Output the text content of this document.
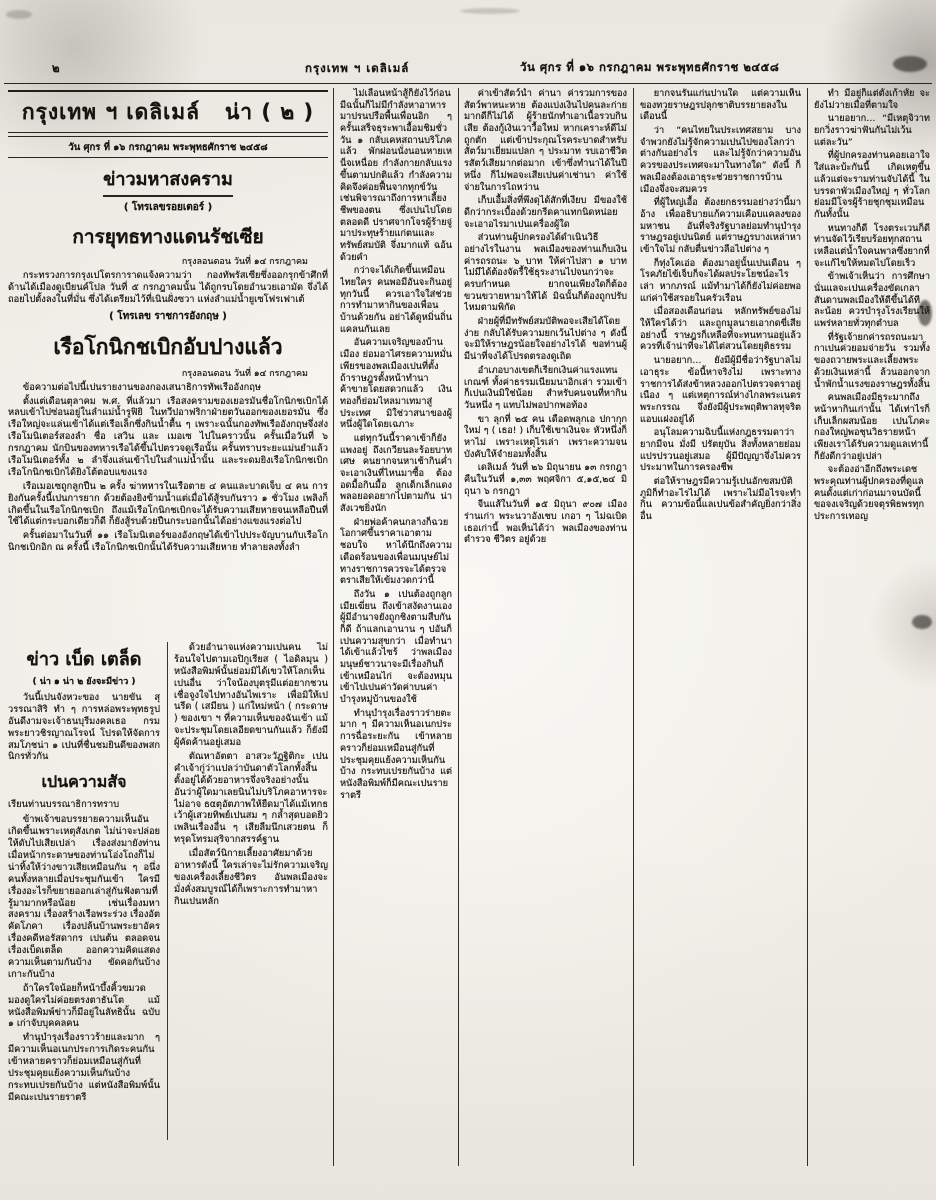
๒	กรุงเทพ ฯ เดลิเมล์	วัน ศุกร ที่ ๑๖ กรกฎาคม พระพุทธศักราช ๒๔๕๘
กรุงเทพ ฯ เดลิเมล์ น่า ( ๒ )
วัน ศุกร ที่ ๑๖ กรกฎาคม พระพุทธศักราช ๒๔๕๘
ข่าวมหาสงคราม
( โทรเลขรอยเตอร์ )
การยุทธทางแดนรัชเซีย
กรุงลอนดอน วันที่ ๑๔ กรกฎาคม

กระทรวงการกรุงเปโตรการาดแจ้งความว่า กองทัพรัสเซียซึ่งออกรุกข้าศึกที่ด้านได้เมืองดูเบียนค์โปล วันที่ ๕ กรกฎาคมนั้น ได้ถูกรบโดยอำนวยเอามัด จึ่งได้ถอยไปตั้งลงในที่มั่น ซึ่งได้เตรียมไว้ที่เนินฝั่งซวา แห่งลำแม่น้ำยูเซโฟรเฟาเต้

( โทรเลข ราชการอังกฤษ )
เรือโกนิกชเบิกอับปางแล้ว
กรุงลอนดอน วันที่ ๑๔ กรกฎาคม

ข้อความต่อไปนี้เปนรายงานของกองเสนาธิการทัพเรืออังกฤษ

ตั้งแต่เดือนตุลาคม พ.ศ. ที่แล้วมา เรือสงครามของเยอรมันชื่อโกนิกชเบิกได้หลบเข้าไปซ่อนอยู่ในลำแม่น้ำรูฟิยิ ในทวีปอาฟริกาฝ่ายตวันออกของเยอรมัน ซึ่งเรือใหญ่จะแล่นเข้าได้แต่เรือเล็กซึ่งกินน้ำตื้น ๆ เพราะฉนั้นกองทัพเรืออังกฤษจึ่งส่งเรือโมนิเตอร์สองลำ ชื่อ เสวิน และ เมอเซ ไปในคราวนั้น ครั้นเมื่อวันที่ ๖ กรกฎาคม นักบินของทหารเรือได้ขึ้นไปตรวจดูเรือนั้น ครั้นทราบระยะแม่นยำแล้ว เรือโมนิเตอร์ทั้ง ๒ ลำจึ่งแล่นเข้าไปในลำแม่น้ำนั้น และระดมยิงเรือโกนิกชเบิก เรือโกนิกชเบิกได้ยิงโต้ตอบแขงแรง

เรือเมอเซถูกลูกปืน ๒ ครั้ง ฆ่าทหารในเรือตาย ๔ คนและบาดเจ็บ ๔ คน การยิงกันครั้งนี้เปนการยาก ด้วยต้องยิงข้ามน้ำแต่เมื่อได้สู้รบกันราว ๑ ชั่วโมง เพลิงก็เกิดขึ้นในเรือโกนิกชเบิก ถึงแม้เรือโกนิกชเบิกจะได้รับความเสียหายจนเหลือปืนที่ใช้ได้แต่กระบอกเดียวก็ดี ก็ยังสู้รบด้วยปืนกระบอกนั้นได้อย่างแขงแรงต่อไป

ครั้นต่อมาในวันที่ ๑๑ เรือโมนิเตอร์ของอังกฤษได้เข้าไปประจัญบานกับเรือโกนิกชเบิกอิก ณ ครั้งนี้ เรือโกนิกชเบิกนั้นได้รับความเสียหาย ทำลายลงทั้งลำ

ข่าว เบ็ด เตล็ด
( น่า ๑ น่า ๒ ยังจะมีข่าว )

วันนี้เปนจังหวะของ นายขัน สุวรรณาสิริ ทำ ๆ การหล่อพระพุทธรูปอันดีงามจะเจ้าธนบุรีมงคลเธอ กรมพระยาวชิรญาณโรจน์ โปรดให้จัดการสมโภชน่า ๑ เปนที่ชื่นชมยินดีของพสกนิกรทั่วกัน

เปนความสัจ
เรียนท่านบรรณาธิการทราบ

ข้าพเจ้าขอบรรยายความเห็นอันเกิดขึ้นเพราะเหตุสังเกต ไม่น่าจะปล่อยให้ดับไปเสียเปล่า เรื่องส่งมายังท่าน เมื่อหน้ากระดาษของท่านโอ่งโถงก็ไม่น่าทิ้งให้ว่างขาวเสียเหมือนกัน ๆ อนึ่งคนทั้งหลายเมื่อประชุมกันเข้า ใครมีเรื่องอะไรก็ขยายออกเล่าสู่กันฟังตามที่รู้มามากหรือน้อย เช่นเรื่องมหาสงคราม เรื่องสร้างเรือพระร่วง เรื่องอัตคัดโภคา เรื่องปล้นบ้านพระยาอัคร เรื่องคดีหอรัสดากร เปนต้น ตลอดจนเรื่องเบ็ดเตล็ด ออกความคิดแสดงความเห็นตามกันบ้าง ขัดคอกันบ้าง เกาะกันบ้าง

ถ้าใครใจน้อยก็หน้าบึ้งคิ้วขมวด มองดูใครไม่ค่อยตรงตาธันโต แม้หนังสือพิมพ์ข่าวก็มีอยู่ในลัทธินั้น ฉบับ ๑ เก่าจับบุคคลคน

ทำนุบำรุงเรื่องราวร้ายและมาก ๆ มีความเห็นอเนกประการเกิดระคนกัน เข้าหลายคราวก็ย่อมเหมือนสู่กันที่ประชุมคุยแย้งความเห็นกันบ้าง กระทบเปรยกันบ้าง แต่หนังสือพิมพ์นั้นมีคณะเปนรายราตรี

ด้วยอำนาจแห่งความเปนคน ไม่ร้อนใจไปตามเอปิกูเรียส ( ไอดิลมุน ) หนังสือพิมพ์นั้นย่อมมิได้เขวให้โลกเห็นเปนอื่น ว่าใจน้องบุตรุมีแต่อยากชวนเชื่อจูงใจไปทางอันไพเราะ เพื่อมิให้เปนรีด ( เสมียน ) แก่ใหม่หน้า ( กระดาษ ) ของเขา ฯ ที่ความเห็นของฉันเข้า แม้จะประชุมโดยเลอียดขานกันแล้ว ก็ยังมีผู้คัดค้านอยู่เสมอ

ตัณหาอัตตา อาสวะวัฏฐิติกะ เปนคำเจ้ากู่ว่าแปลว่าบันดาตัวโลกทั้งสิ้น ตั้งอยู่ได้ด้วยอาหารจึ่งจริงอย่างนั้น อันว่าผู้ใดมาเลยนินไม่บริโภคอาหารจะไม่อาจ ธαตุอัตภาพให้ยืดมาได้แม้เทกธเว้าผู้เสวยทิพย์เปนสม ๆ กล้ำสุดบอดยิวเพลินเรื่องอื่น ๆ เสียลืมนึกเสวยตน ก็ทรุดโทรมสุริจากสรรค์ฐาน

เมื่อสัตว์นิกายเลี้ยงอาศัยมาด้วยอาหารดังนี้ ใครเล่าจะไม่รักความเจริญของเครื่องเลี้ยงชีวิตร อันพลเมืองจะมั่งคั่งสมบูรณ์ได้ก็เพราะการทำมาหากินเปนหลัก

ไม่เลื่อนหน้าสู้ก็ยังไว้ก่อน มีฉนั้นก็ไม่มีกำลังหาอาหารมาปรนปรือพื้นเพื่อนอิก ๆ ครั้นเสร็จธุระพาเอื้อมชิมชั่ววัน ๑ กลับเคหสถานบริโภคแล้ว พักผ่อนนั่งนอนหายเหน็จเหนื่อย กำลังกายกลับแรงขึ้นตามปกติแล้ว กำลังความคิดจึงค่อยฟื้นจากทุกข์วัน เช่นพิจารณาถึงการหาเลี้ยงชีพของตน ซึ่งเปนไปโดยตลอดดี ปราศจากโจรผู้ร้ายจู่มาประทุษร้ายแก่ตนและทรัพย์สมบัติ จึ่งมากแท้ ฉอ้นด้วยคำ

กว่าจะได้เกิดขึ้นเหมือนไทยใคร คนพอมีอันจะกินอยู่ทุกวันนี้ ควรเอาใจใส่ช่วยการทำมาหากินของเพื่อนบ้านด้วยกัน อย่าได้ดูหมิ่นถิ่นแคลนกันเลย

อันความเจริญของบ้านเมือง ย่อมอาไศรยความหมั่นเพียรของพลเมืองเปนที่ตั้ง ถ้าราษฎรตั้งหน้าทำนาค้าขายโดยสดวกแล้ว เงินทองก็ย่อมไหลมาเทมาสู่ประเทศ มิใช่วาสนาของผู้หนึ่งผู้ใดโดยเฉภาะ

แต่ทุกวันนี้ราคาเข้าก็ยังแพงอยู่ ถึงเกวียนละร้อยบาทเศษ คนยากจนหาเช้ากินค่ำจะเอาเงินที่ไหนมาซื้อ ต้องอดมื้อกินมื้อ ลูกเด็กเล็กแดงพลอยอดอยากไปตามกัน น่าสังเวชยิ่งนัก

ฝ่ายพ่อค้าคนกลางก็ฉวยโอกาศขึ้นราคาเอาตามชอบใจ หาได้นึกถึงความเดือดร้อนของเพื่อนมนุษย์ไม่ ทางราชการควรจะได้ตรวจตราเสียให้เข้มงวดกว่านี้

ถึงวัน ๑ เปนต้องถูกลูกเมียเฆี่ยน ถึงเข้าสงัดงานเองผู้มีอำนาจยังถูกชิงตามสืบกันก็ดี ถ้าแลกเอานาน ๆ ปอันก็เปนความสุขกว่า เมื่อทำนาได้เข้าแล้วไซร้ ว่าพลเมืองมนุษย์ชาวนาจะมีเรื่องกินก็เข้าเหมือนไก่ จะต้องหมุนเข้าไปเปนค่าวัดค่าบนค่าบำรุงหมู่บ้านของใช้

ทำนุบำรุงเรื่องราวร่ายตะมาก ๆ มีความเห็นอเนกประการฉื่อระยะกัน เข้าหลายคราวก็ย่อมเหมือนสู่กันที่ประชุมคุยแย้งความเห็นกันบ้าง กระทบเปรยกันบ้าง แต่หนังสือพิมพ์ก็มีคณะเปนรายราตรี

ค่าเข้าสัตว์น้ำ ค่านา ค่ารวมการของสัตว์พาหนะหาย ต้องแบ่งเงินไปคนละก่าย มากดีก็ไม่ได้ ผู้ร้ายนักทำเอาเนื้อรวบกินเสีย ต้องกู้เงินเวาวื้อใหม่ หากเคราะห์ดีไม่ถูกตัก แต่เข้าประกุณโรคระบาดสำหรับสัตว์มาเยี่ยมแปลก ๆ ประมาท รบเอาชีวิตรสัตว์เสียมากต่อมาก เข้าซึ่งทำนาได้ในปีหนึ่ง ก็ไม่พอจะเสียเปนค่าเช่านา ค่าใช้จ่ายในการไถหว่าน

เก็บเอื้มสิ่งที่พึงดุได้สักที่เงียบ มีของใช้ดีกว่ากระเบื้องด้วยกรีดคาแทกนิดหน่อย จะเอาอไรมาเปนเครื่องผู้ใด

ส่วนท่านผู้ปกครองได้ดำเนินวิธีอย่างไรในงาน พลเมืองของท่านเก็บเงินค่ารถรถนะ ๖ บาท ให้ค่าไปสา ๑ บาท ไม่มีได้ต้องจัดรี้ใช้ธุระงานไปจนกว่าจะครบกำหนด ยากจนเพียงใดก็ต้องขวนขวายหามาให้ได้ มิฉนั้นก็ต้องถูกปรับไหมตามพิกัด

ฝ่ายผู้ที่มีทรัพย์สมบัติพอจะเสียได้โดยง่าย กลับได้รับความยกเว้นไปต่าง ๆ ดังนี้จะมิให้ราษฎรน้อยใจอย่างไรได้ ขอท่านผู้มีน่าที่จงได้โปรดตรองดูเถิด

อำเภอบางเขตก็เรียกเงินค่าแรงแทนเกณฑ์ ทั้งค่าธรรมเนียมนาอิกเล่า รวมเข้าก็เปนเงินมิใช่น้อย สำหรับคนจนที่หากินวันหนึ่ง ๆ แทบไม่พอปากพอท้อง

ขา ลุกที่ ๒๕ คน เดือดพลุกเอ ปกากุก ใหม่ ๆ ( เธอ! ) เก็บใช้เขาเงินจะ หัวหนึ่งก็หาไม่ เพราะเหตุไรเล่า เพราะความจนบังคับให้จำยอมทั้งสิ้น

เดลิเมล์ วันที่ ๒๖ มิถุนายน ๑๓ กรกฎา คืนในวันที่ ๑,๓๓ พฤศจิกา ๕,๑๕,๒๔ มิถุนา ๖ กรกฎา

จีนแส้ในวันที่ ๑๕ มิถุนา ๙๐๗ เมืองร่านเก่า พระนวาอังเชบ เกอา ๆ ไม่ฉเบิดเธอเก่านี้ พอเห็นได้ว่า พลเมืองของท่าน ตำรวจ ชีวิตร อยู่ด้วย

ยากจนรันแก่นปานใด แต่ความเห็นของทวยราษฎรปลุกชาติบรรยายลงในเดือนนี้

ว่า “คนไทยในประเทศสยาม บางจำพวกยังไม่รู้จักความเปนไปของโลกว่าต่างกันอย่างไร และไม่รู้จักว่าความอันควรของประเทศจะมาในทางใด” ดังนี้ ก็พลเมืองต้องเอาธุระช่วยราชการบ้านเมืองจึ่งจะสมควร

ที่ผู้ใหญ่เอื้อ ต้องยกธรรมอย่างว่านี้มาอ้าง เพื่ออธิบายแก้ความเคือบแคลงของมหาชน อันที่จริงรัฐบาลย่อมทำนุบำรุงราษฎรอยู่เปนนิตย์ แต่ราษฎรบางเหล่าหาเข้าใจไม่ กลับตื่นข่าวลือไปต่าง ๆ

ก็ทุ่งโคเอ่อ ต้องมาอยู่นั้นเปนเดือน ๆ โรคภัยไข้เจ็บก็จะได้ผลประโยชน์อะไรเล่า หากภรณ์ แม้ทำมาได้ก็ยังไม่ค่อยพอแก่ค่าใช้สรอยในครัวเรือน

เมื่อสองเดือนก่อน หลักทรัพย์ของไม่ให้ใครได้ว่า และถูกมูลนายเอากดขี่เสียอย่างนี้ ราษฎรก็เหลือที่จะทนทานอยู่แล้ว ควรที่เจ้าน่าที่จะได้ไต่สวนโดยยุติธรรม

นายอยาก… ยังมีผู้มีชื่อว่ารัฐบาลไม่เอาธุระ ข้อนี้หาจริงไม่ เพราะทางราชการได้ส่งข้าหลวงออกไปตรวจตราอยู่เนือง ๆ แต่เหตุการณ์ห่างไกลพระเนตรพระกรรณ จึ่งยังมีผู้ประพฤติพาลทุจริตแอบแฝงอยู่ได้

อนุโลมความฉิบนี้แห่งกฎธรรมดาว่า ยากมีจน มั่งมี ปรัตยุบัน สิ่งทั้งหลายย่อมแปรปรวนอยู่เสมอ ผู้มีปัญญาจึ่งไม่ควรประมาทในการครองชีพ

ต่อให้ราษฎรมีความรู้เปนอักขสมบัติ ภูมิก็ทำอะไรไม่ได้ เพราะไม่มีอไรจะทำกิน ความข้อนี้แลเปนข้อสำคัญยิ่งกว่าสิ่งอื่น

ทำ มีอยู่ก็แต่ตั้งเก้าหั้ย จะยังไม่วายเมื่อที่ตามใจ

นายอยาก… “มีเหตุจิวาท ยกวิ่งราวฆ่าฟันกันไม่เว้นแต่ละวัน”

ที่ผู้ปกครองท่านคอยเอาใจใส่และบ้ะกันนี้ เกิดเหตุขึ้นแล้วแต่จะรามท่านจับได้นี้ ในบรรดาพัวเมืองใหญ่ ๆ ทั่วโลกย่อมมีโจรผู้ร้ายชุกชุมเหมือนกันทั้งนั้น

หนทางก็ดี โรงตระเวนก็ดี ท่านจัดไว้เรียบร้อยทุกสถาน เหลือแต่น้ำใจคนพาลซึ่งยากที่จะแก้ไขให้หมดไปโดยเร็ว

ข้าพเจ้าเห็นว่า การศึกษานั่นแลจะเปนเครื่องขัดเกลาสันดานพลเมืองให้ดีขึ้นได้ทีละน้อย ควรบำรุงโรงเรียนให้แพร่หลายทั่วทุกตำบล

ที่รัฐเจ้ายกค่ารถรถนะมากาเปนค่วยอมจ่ายวัน รวมทั้งของถวายพระและเลี้ยงพระด้วยเงินเหล่านี้ ล้วนออกจากน้ำพักน้ำแรงของราษฎรทั้งสิ้น

คนพลเมืองมีธุระมากถึงหน้าหากินเก่านั้น ได้เท่าไรก็เก็บเล็กผสมน้อย เปนโภคะกองใหญ่พอชุนวิธรายหน้า เพียงเราได้รับความดูแลเท่านี้ก็ยังดีกว่าอยู่เปล่า

จะต้องอ่าอีกถึงพระเดชพระคุณท่านผู้ปกครองที่ดูแลคนดั้งแต่เก่าก่อนมาจนบัดนี้ ขอจงเจริญด้วยจตุรพิธพรทุกประการเทอญ
